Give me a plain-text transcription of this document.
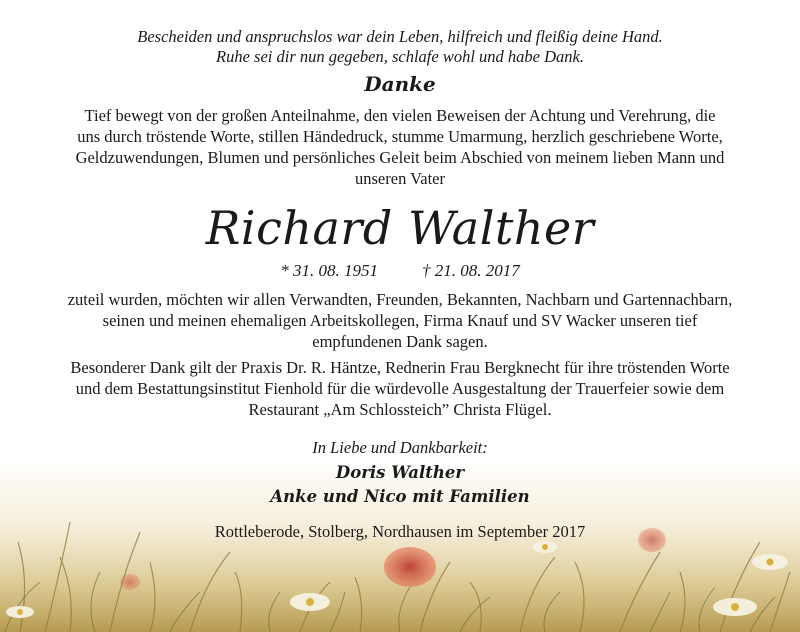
Bescheiden und anspruchslos war dein Leben, hilfreich und fleißig deine Hand.
Ruhe sei dir nun gegeben, schlafe wohl und habe Dank.
Danke
Tief bewegt von der großen Anteilnahme, den vielen Beweisen der Achtung und Verehrung, die
uns durch tröstende Worte, stillen Händedruck, stumme Umarmung, herzlich geschriebene Worte,
Geldzuwendungen, Blumen und persönliches Geleit beim Abschied von meinem lieben Mann und
unseren Vater
Richard Walther
* 31. 08. 1951	† 21. 08. 2017
zuteil wurden, möchten wir allen Verwandten, Freunden, Bekannten, Nachbarn und Gartennachbarn,
seinen und meinen ehemaligen Arbeitskollegen, Firma Knauf und SV Wacker unseren tief
empfundenen Dank sagen.
Besonderer Dank gilt der Praxis Dr. R. Häntze, Rednerin Frau Bergknecht für ihre tröstenden Worte
und dem Bestattungsinstitut Fienhold für die würdevolle Ausgestaltung der Trauerfeier sowie dem
Restaurant „Am Schlossteich” Christa Flügel.
In Liebe und Dankbarkeit:
Doris Walther
Anke und Nico mit Familien
Rottleberode, Stolberg, Nordhausen im September 2017
